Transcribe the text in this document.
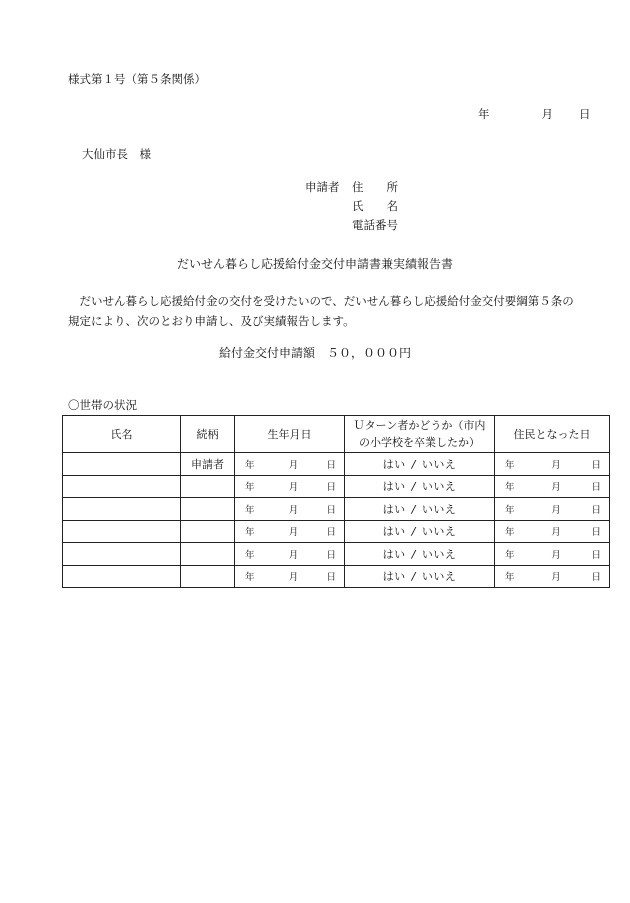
様式第１号（第５条関係）
年	月 日
大仙市長　様
申請者	住　　所
氏　　名
電話番号
だいせん暮らし応援給付金交付申請書兼実績報告書

だいせん暮らし応援給付金の交付を受けたいので、だいせん暮らし応援給付金交付要綱第５条の規定により、次のとおり申請し、及び実績報告します。

給付金交付申請額　５０，０００円
〇世帯の状況
氏名	続柄	生年月日	Ｕターン者かどうか（市内
の小学校を卒業したか）	住民となった日
	申請者	年 月 日	はい / いいえ	年 月 日

		年 月 日	はい / いいえ	年 月 日

		年 月 日	はい / いいえ	年 月 日

		年 月 日	はい / いいえ	年 月 日

		年 月 日	はい / いいえ	年 月 日

		年 月 日	はい / いいえ	年 月 日
